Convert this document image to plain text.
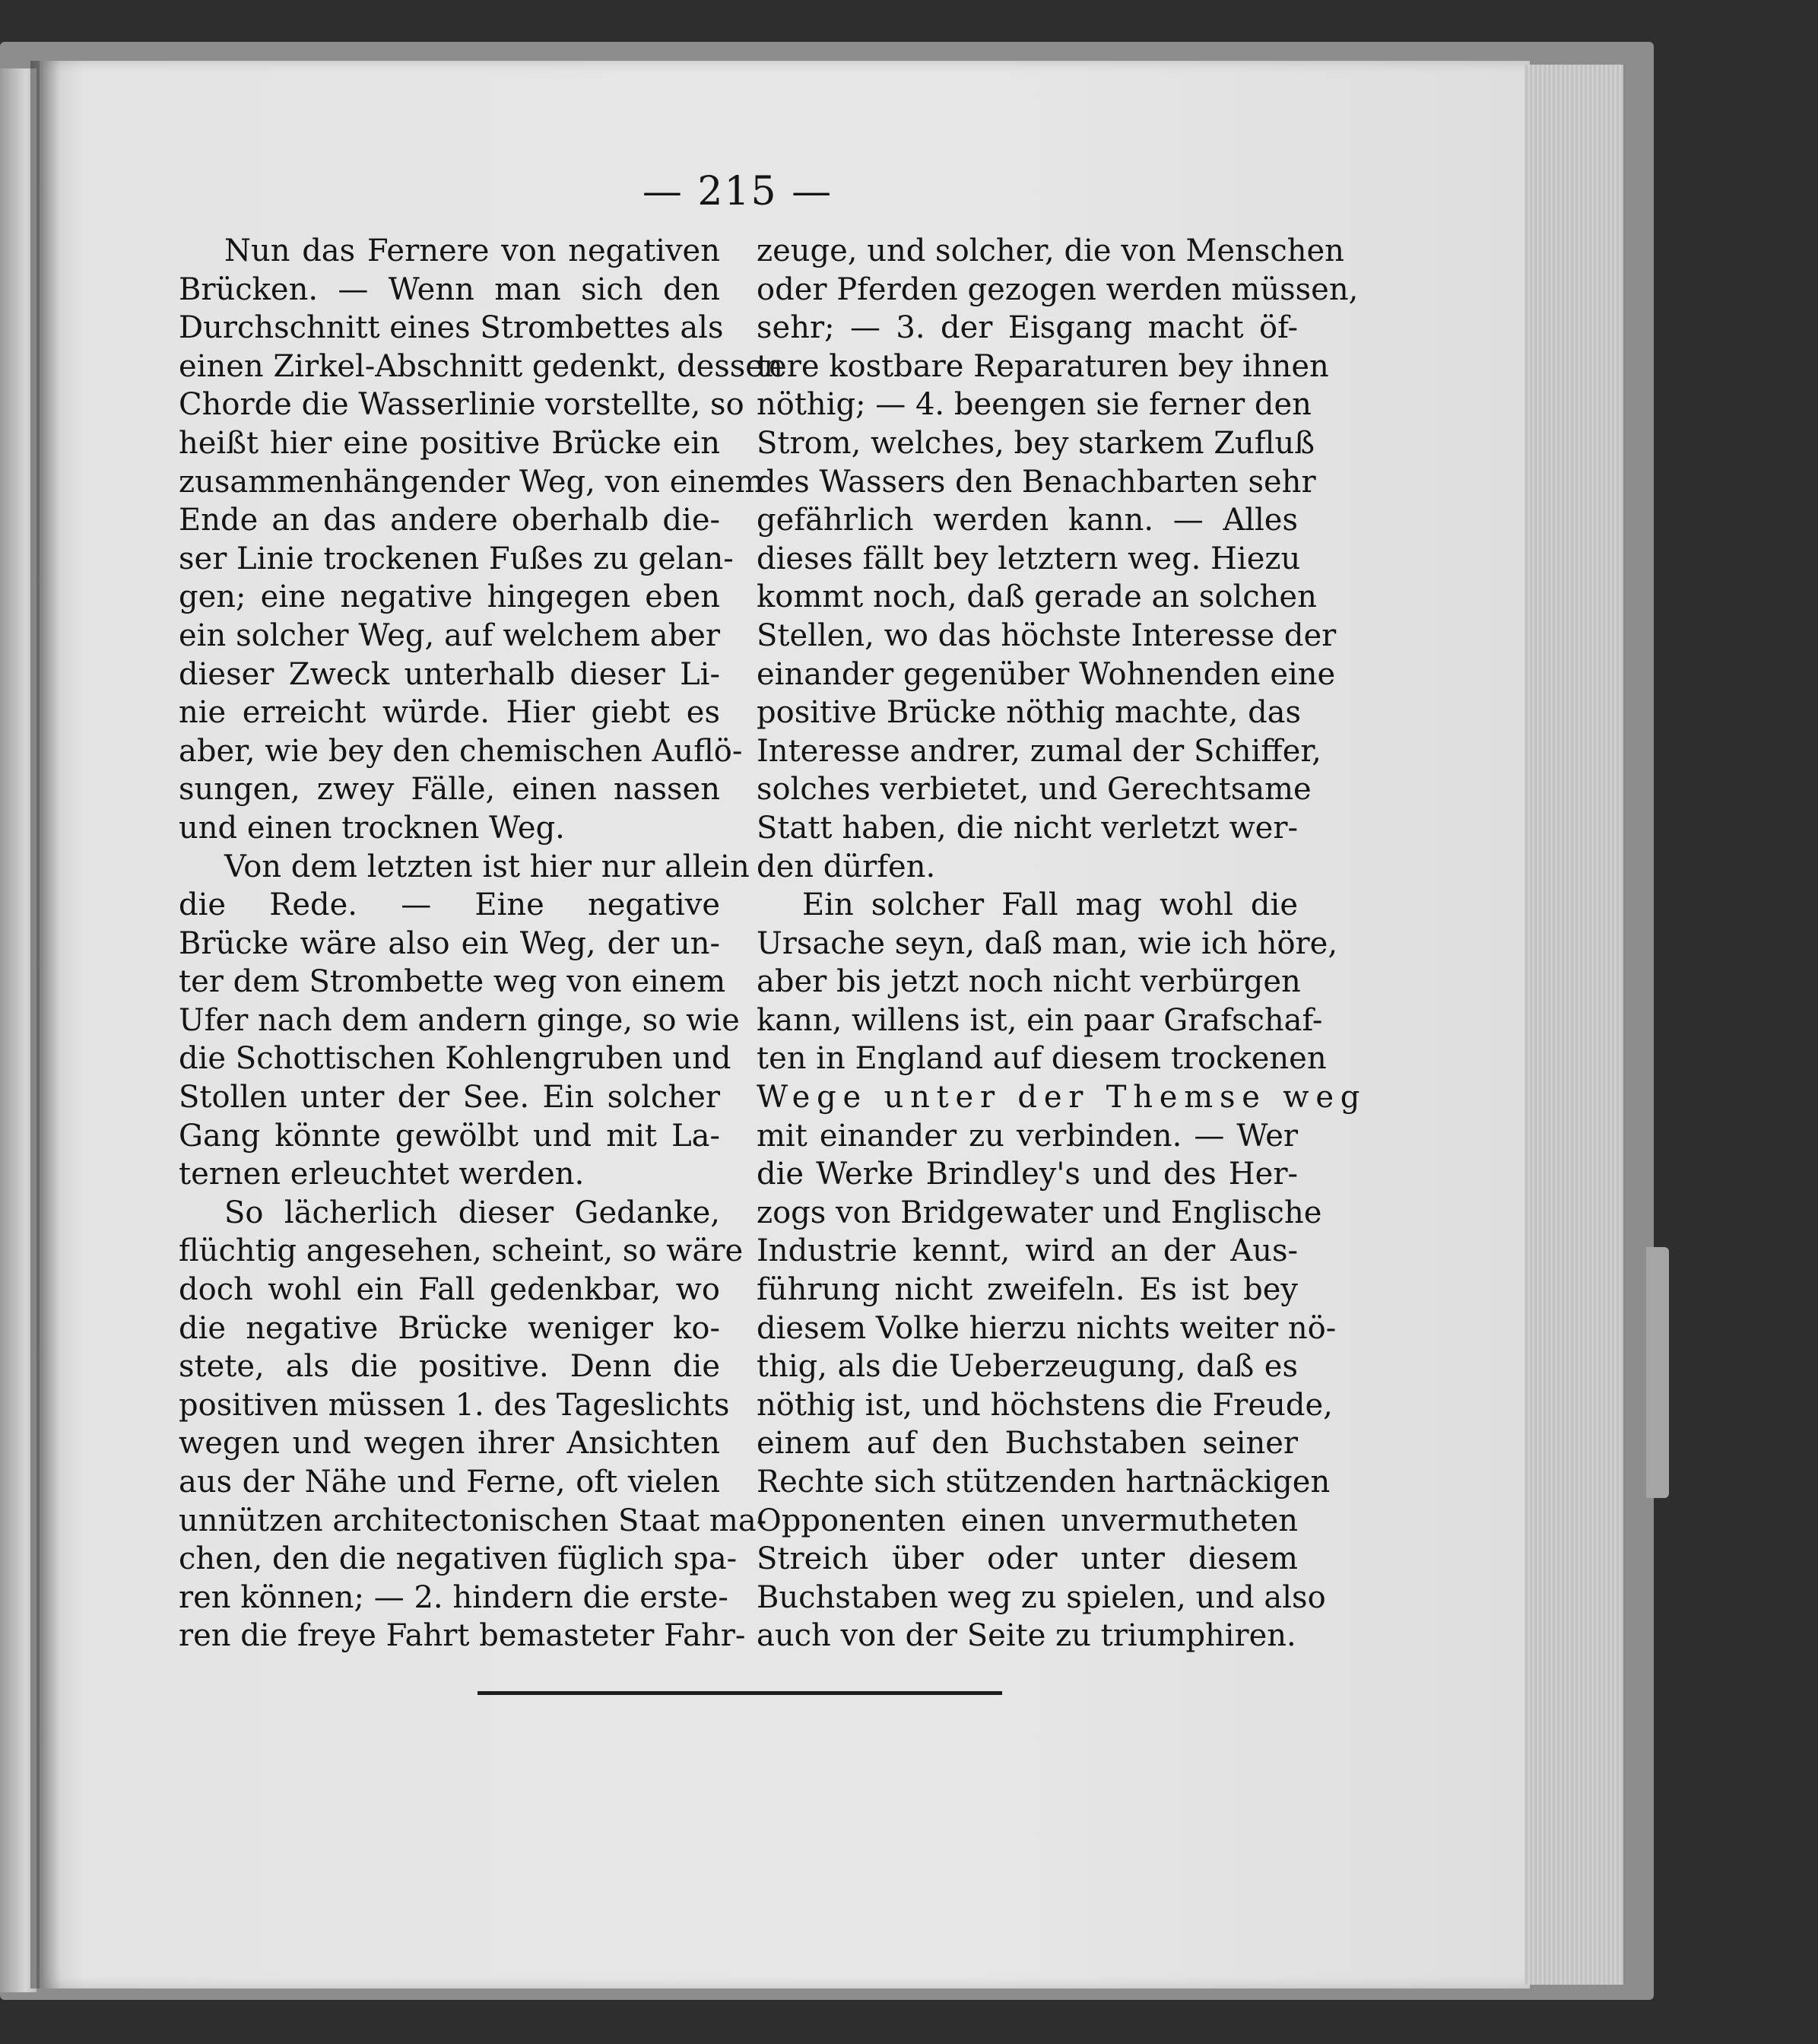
— 215 —
Nun das Fernere von negativen
Brücken. — Wenn man sich den
Durchschnitt eines Strombettes als
einen Zirkel-Abschnitt gedenkt, dessen
Chorde die Wasserlinie vorstellte, so
heißt hier eine positive Brücke ein
zusammenhängender Weg, von einem
Ende an das andere oberhalb die-
ser Linie trockenen Fußes zu gelan-
gen; eine negative hingegen eben
ein solcher Weg, auf welchem aber
dieser Zweck unterhalb dieser Li-
nie erreicht würde. Hier giebt es
aber, wie bey den chemischen Auflö-
sungen, zwey Fälle, einen nassen
und einen trocknen Weg.
Von dem letzten ist hier nur allein
die Rede. — Eine negative
Brücke wäre also ein Weg, der un-
ter dem Strombette weg von einem
Ufer nach dem andern ginge, so wie
die Schottischen Kohlengruben und
Stollen unter der See. Ein solcher
Gang könnte gewölbt und mit La-
ternen erleuchtet werden.
So lächerlich dieser Gedanke,
flüchtig angesehen, scheint, so wäre
doch wohl ein Fall gedenkbar, wo
die negative Brücke weniger ko-
stete, als die positive. Denn die
positiven müssen 1. des Tageslichts
wegen und wegen ihrer Ansichten
aus der Nähe und Ferne, oft vielen
unnützen architectonischen Staat ma-
chen, den die negativen füglich spa-
ren können; — 2. hindern die erste-
ren die freye Fahrt bemasteter Fahr-
zeuge, und solcher, die von Menschen
oder Pferden gezogen werden müssen,
sehr; — 3. der Eisgang macht öf-
tere kostbare Reparaturen bey ihnen
nöthig; — 4. beengen sie ferner den
Strom, welches, bey starkem Zufluß
des Wassers den Benachbarten sehr
gefährlich werden kann. — Alles
dieses fällt bey letztern weg. Hiezu
kommt noch, daß gerade an solchen
Stellen, wo das höchste Interesse der
einander gegenüber Wohnenden eine
positive Brücke nöthig machte, das
Interesse andrer, zumal der Schiffer,
solches verbietet, und Gerechtsame
Statt haben, die nicht verletzt wer-
den dürfen.
Ein solcher Fall mag wohl die
Ursache seyn, daß man, wie ich höre,
aber bis jetzt noch nicht verbürgen
kann, willens ist, ein paar Grafschaf-
ten in England auf diesem trockenen
Wege unter der Themse weg
mit einander zu verbinden. — Wer
die Werke Brindley's und des Her-
zogs von Bridgewater und Englische
Industrie kennt, wird an der Aus-
führung nicht zweifeln. Es ist bey
diesem Volke hierzu nichts weiter nö-
thig, als die Ueberzeugung, daß es
nöthig ist, und höchstens die Freude,
einem auf den Buchstaben seiner
Rechte sich stützenden hartnäckigen
Opponenten einen unvermutheten
Streich über oder unter diesem
Buchstaben weg zu spielen, und also
auch von der Seite zu triumphiren.
